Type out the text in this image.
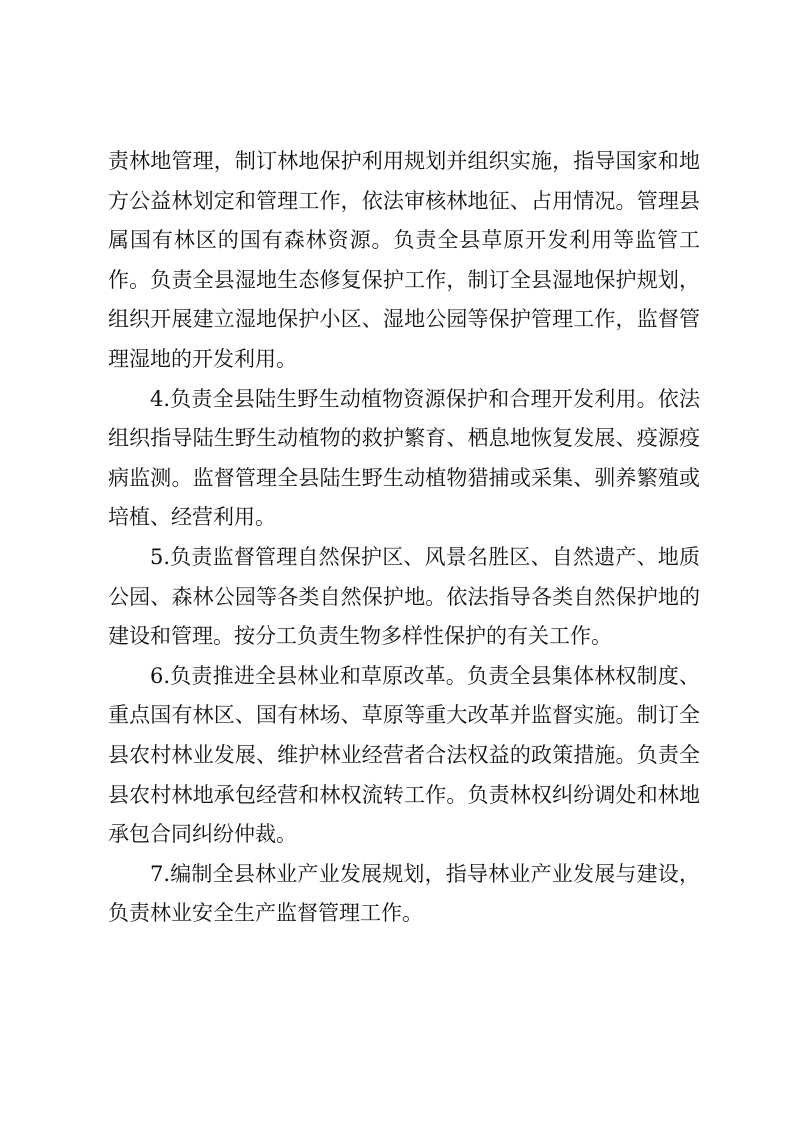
责林地管理，制订林地保护利用规划并组织实施，指导国家和地
方公益林划定和管理工作，依法审核林地征、占用情况。管理县
属国有林区的国有森林资源。负责全县草原开发利用等监管工
作。负责全县湿地生态修复保护工作，制订全县湿地保护规划，
组织开展建立湿地保护小区、湿地公园等保护管理工作，监督管
理湿地的开发利用。

4.负责全县陆生野生动植物资源保护和合理开发利用。依法
组织指导陆生野生动植物的救护繁育、栖息地恢复发展、疫源疫
病监测。监督管理全县陆生野生动植物猎捕或采集、驯养繁殖或
培植、经营利用。

5.负责监督管理自然保护区、风景名胜区、自然遗产、地质
公园、森林公园等各类自然保护地。依法指导各类自然保护地的
建设和管理。按分工负责生物多样性保护的有关工作。

6.负责推进全县林业和草原改革。负责全县集体林权制度、
重点国有林区、国有林场、草原等重大改革并监督实施。制订全
县农村林业发展、维护林业经营者合法权益的政策措施。负责全
县农村林地承包经营和林权流转工作。负责林权纠纷调处和林地
承包合同纠纷仲裁。

7.编制全县林业产业发展规划，指导林业产业发展与建设，
负责林业安全生产监督管理工作。
